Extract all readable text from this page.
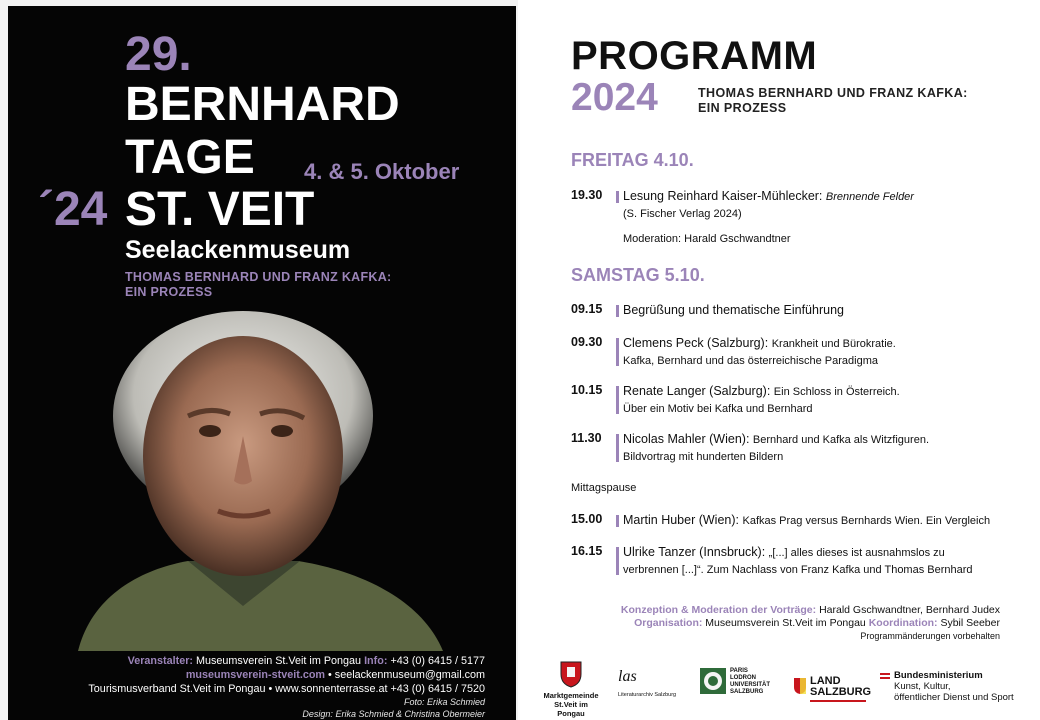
29.
BERNHARD
TAGE 4. & 5. Oktober
´24 ST. VEIT
Seelackenmuseum
THOMAS BERNHARD UND FRANZ KAFKA:
EIN PROZESS
Veranstalter: Museumsverein St.Veit im Pongau Info: +43 (0) 6415 / 5177
museumsverein-stveit.com • seelackenmuseum@gmail.com
Tourismusverband St.Veit im Pongau • www.sonnenterrasse.at +43 (0) 6415 / 7520
Foto: Erika Schmied
Design: Erika Schmied & Christina Obermeier
PROGRAMM
2024	THOMAS BERNHARD UND FRANZ KAFKA:
EIN PROZESS
FREITAG 4.10.
19.30 Lesung Reinhard Kaiser-Mühlecker: Brennende Felder
(S. Fischer Verlag 2024)
Moderation: Harald Gschwandtner
SAMSTAG 5.10.
09.15 Begrüßung und thematische Einführung
09.30 Clemens Peck (Salzburg): Krankheit und Bürokratie.
Kafka, Bernhard und das österreichische Paradigma
10.15 Renate Langer (Salzburg): Ein Schloss in Österreich.
Über ein Motiv bei Kafka und Bernhard
11.30 Nicolas Mahler (Wien): Bernhard und Kafka als Witzfiguren.
Bildvortrag mit hunderten Bildern
Mittagspause
15.00 Martin Huber (Wien): Kafkas Prag versus Bernhards Wien. Ein Vergleich
16.15 Ulrike Tanzer (Innsbruck): „[...] alles dieses ist ausnahmslos zu
verbrennen [...]“. Zum Nachlass von Franz Kafka und Thomas Bernhard
Konzeption & Moderation der Vorträge: Harald Gschwandtner, Bernhard Judex
Organisation: Museumsverein St.Veit im Pongau Koordination: Sybil Seeber
Programmänderungen vorbehalten
Marktgemeinde
St.Veit im Pongau
las
Literaturarchiv Salzburg
PARIS
LODRON
UNIVERSITÄT
SALZBURG
LAND
SALZBURG
Bundesministerium
Kunst, Kultur,
öffentlicher Dienst und Sport
